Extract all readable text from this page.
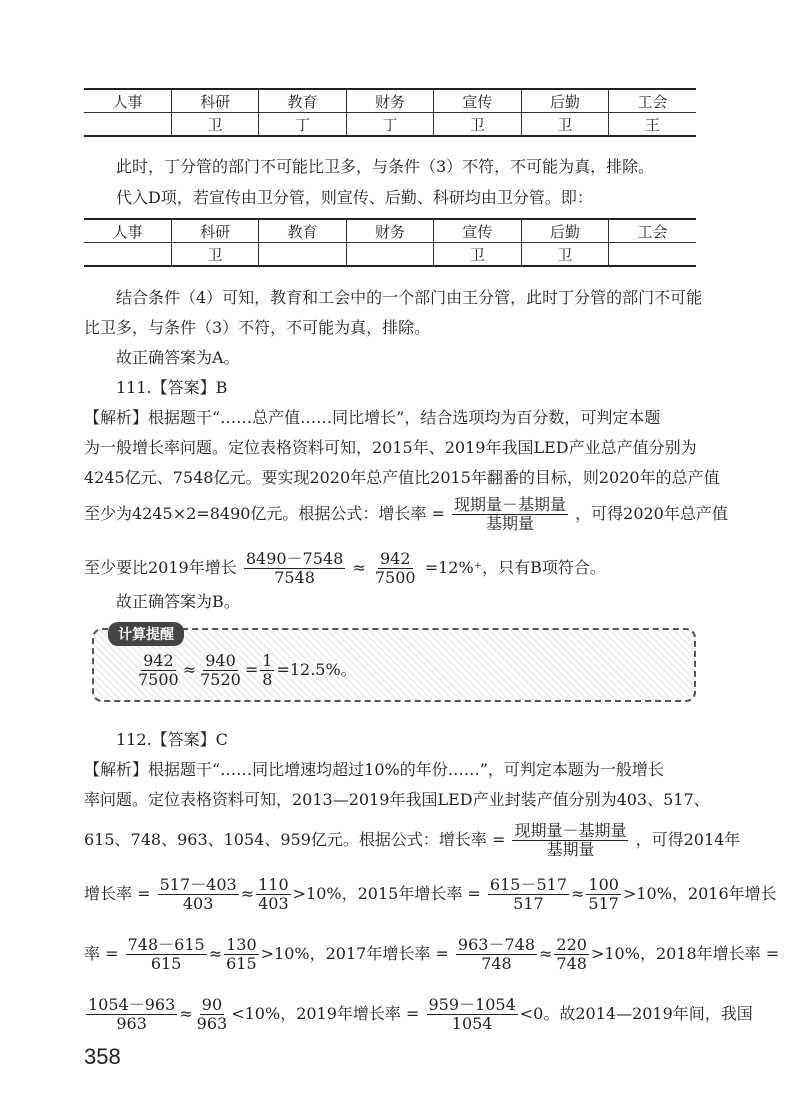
人事	科研	教育	财务	宣传	后勤	工会
	卫	丁	丁	卫	卫	王
此时，丁分管的部门不可能比卫多，与条件（3）不符，不可能为真，排除。
代入D项，若宣传由卫分管，则宣传、后勤、科研均由卫分管。即：
人事	科研	教育	财务	宣传	后勤	工会
	卫			卫	卫	
结合条件（4）可知，教育和工会中的一个部门由王分管，此时丁分管的部门不可能
比卫多，与条件（3）不符，不可能为真，排除。
故正确答案为A。
111.【答案】B
【解析】根据题干“……总产值……同比增长”，结合选项均为百分数，可判定本题
为一般增长率问题。定位表格资料可知，2015年、2019年我国LED产业总产值分别为
4245亿元、7548亿元。要实现2020年总产值比2015年翻番的目标，则2020年的总产值
至少为4245×2=8490亿元。根据公式：增长率 = $\frac{\text{现期量－基期量}}{\text{基期量}}$ ，可得2020年总产值
至少要比2019年增长 $\frac{8490-7548}{7548} \approx \frac{942}{7500} =12\%^+$，只有B项符合。
故正确答案为B。
计算提醒
$\frac{942}{7500} \approx \frac{940}{7520} = \frac{1}{8} =12.5\%$。
112.【答案】C
【解析】根据题干“……同比增速均超过10%的年份……”，可判定本题为一般增长
率问题。定位表格资料可知，2013—2019年我国LED产业封装产值分别为403、517、
615、748、963、1054、959亿元。根据公式：增长率 = $\frac{\text{现期量－基期量}}{\text{基期量}}$ ，可得2014年
增长率 = $\frac{517-403}{403} \approx \frac{110}{403} >10\%$，2015年增长率 = $\frac{615-517}{517} \approx \frac{100}{517} >10\%$，2016年增长
率 = $\frac{748-615}{615} \approx \frac{130}{615} >10\%$，2017年增长率 = $\frac{963-748}{748} \approx \frac{220}{748} >10\%$，2018年增长率 =
$\frac{1054-963}{963} \approx \frac{90}{963} <10\%$，2019年增长率 = $\frac{959-1054}{1054} <0$。故2014—2019年间，我国
358
